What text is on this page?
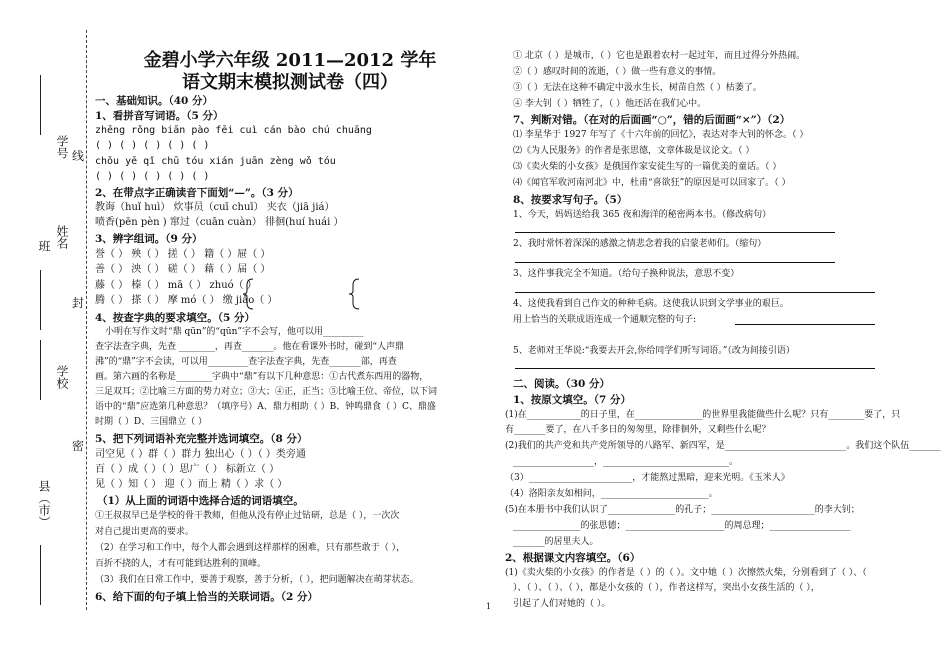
学号 线
姓名
班
封
学校
密
县（市）
金碧小学六年级 2011—2012 学年
语文期末模拟测试卷（四）
一、基础知识。（40 分）
1、看拼音写词语。（5 分）
zhēng rǒng biān pào fēi cuì cán bào chú chuāng
( ) ( ) ( ) ( ) ( )
chǒu yē qǐ chū tóu xián juān zèng wǒ tóu
( ) ( ) ( ) ( ) ( )
2、在带点字正确读音下面划“—”。（3 分）
教诲（huǐ huì） 炊事员（cuī chuī） 夹衣（jiā jiá）
喷香(pēn pèn ) 窜过（cuān cuàn） 徘徊(huí huái ）
3、辨字组词。（9 分）
誉（ ） 殃（ ） 搓（ ） 籍（ ）屉（ ）
善（ ） 泱（ ） 磋（ ） 藉（ ）届（ ）
藤（ ） 榛（ ） mā（ ） zhuó（ ）
腾（ ） 搽（ ） 摩 mó（ ） 缴 jiǎo（ ）
4、按查字典的要求填空。（5 分）
小明在写作文时“鼎 qūn”的“qūn”字不会写，他可以用_________
查字法查字典，先查 ________，再查_______。他在看课外书时，碰到“人声鼎
沸”的“鼎”字不会读，可以用_________查字法查字典，先查_______部，再查
画。第六画的名称是________字典中“鼎”有以下几种意思：①古代煮东西用的器物，
三足双耳；②比喻三方面的势力对立；③大；④正，正当；⑤比喻王位、帝位，以下词
语中的“鼎”应选第几种意思？（填序号）A、鼎力相助（ ）B、钟鸣鼎食（ ）C、鼎盛
时期（ ）D、三国鼎立（ ）
5、把下列词语补充完整并选词填空。（8 分）
司空见（ ）群（ ）群力 独出心（ ）（ ）类旁通
百（ ）成（ ）（ ）思广（ ） 标新立（ ）
见（ ）知（ ） 迎（ ）而上 精（ ）求（ ）
（1）从上面的词语中选择合适的词语填空。
①王叔叔早已是学校的骨干教师，但他从没有停止过钻研，总是（ ），一次次
对自己提出更高的要求。
（2）在学习和工作中，每个人都会遇到这样那样的困难，只有那些敢于（ ），
百折不挠的人，才有可能到达胜利的顶峰。
（3）我们在日常工作中，要善于观察，善于分析，（ ），把问题解决在萌芽状态。
6、给下面的句子填上恰当的关联词语。（2 分）
① 北京（ ）是城市，（ ）它也是跟着农村一起过年，而且过得分外热闹。
②（ ）感叹时间的流逝，（ ）做一些有意义的事情。
③（ ）无法在这种不确定中汲水生长，树苗自然（ ）枯萎了。
④ 李大钊（ ）牺牲了，（ ）他还活在我们心中。
7、判断对错。（在对的后面画“○”，错的后面画“×”）（2）
⑴ 李星华于 1927 年写了《十六年前的回忆》，表达对李大钊的怀念。（ ）
⑵《为人民服务》的作者是张思德，文章体裁是议论文。（ ）
⑶《卖火柴的小女孩》是俄国作家安徒生写的一篇优美的童话。（ ）
⑷《闻官军收河南河北》中，杜甫“喜欲狂”的原因是可以回家了。（ ）
8、按要求写句子。（5）
1、今天，妈妈送给我 365 夜和海洋的秘密两本书。（修改病句）
2、我时常怀着深深的感激之情悲念着我的启蒙老师们。（缩句）
3、这件事我完全不知道。（给句子换种说法，意思不变）
4、这使我看到自己作文的种种毛病。这使我认识到文学事业的艰巨。
用上恰当的关联成语连成一个通顺完整的句子:
5、老师对王华说:“我要去开会,你给同学们听写词语。”（改为间接引语）
二、阅读。（30 分）
1、按原文填空。（7 分）
(1)在____________的日子里，在_______________的世界里我能做些什么呢？只有________要了，只
有_______要了，在八千多日的匆匆里，除徘徊外，又剩些什么呢？
(2)我们的共产党和共产党所领导的八路军、新四军，是___________________________。我们这个队伍_______
__________________，____________________________。
（3）_______________________，才能熬过黑暗，迎来光明。《玉米人》
（4）洛阳亲友如相问，________________________。
(5)在本册书中我们认识了_______________的孔子；_______________________的李大钊；
_______________的张思德；______________________的周总理；__________________
_______的居里夫人。
2、根据课文内容填空。（6）
(1)《卖火柴的小女孩》的作者是（ ）的（ ）。文中她（ ）次擦然火柴，分别看到了（ ）、（
）、（ ）、（ ）、（ ），都是小女孩的（ ），作者这样写，突出小女孩生活的（ ），
引起了人们对她的（ ）。
1
